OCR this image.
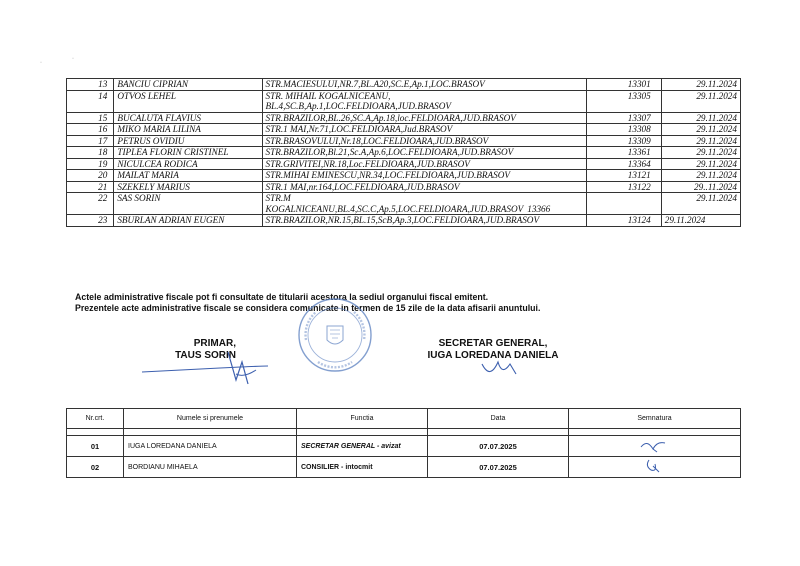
·
·
13	BANCIU CIPRIAN	STR.MACIESULUI,NR.7,BL.A20,SC.E,Ap.1,LOC.BRASOV	13301	29.11.2024
14	OTVOS LEHEL	STR. MIHAIL KOGALNICEANU,
BL.4,SC.B,Ap.1,LOC.FELDIOARA,JUD.BRASOV	13305	29.11.2024
15	BUCALUTA FLAVIUS	STR.BRAZILOR,BL.26,SC.A,Ap.18,loc.FELDIOARA,JUD.BRASOV	13307	29.11.2024
16	MIKO MARIA LILINA	STR.1 MAI,Nr.71,LOC.FELDIOARA,Jud.BRASOV	13308	29.11.2024
17	PETRUS OVIDIU	STR.BRASOVULUI,Nr.18,LOC.FELDIOARA,JUD.BRASOV	13309	29.11.2024
18	TIPLEA FLORIN CRISTINEL	STR.BRAZILOR,Bl.21,Sc.A,Ap.6,LOC.FELDIOARA,JUD.BRASOV	13361	29.11.2024
19	NICULCEA RODICA	STR.GRIVITEI,NR.18,Loc.FELDIOARA,JUD.BRASOV	13364	29.11.2024
20	MAILAT MARIA	STR.MIHAI EMINESCU,NR.34,LOC.FELDIOARA,JUD.BRASOV	13121	29.11.2024
21	SZEKELY MARIUS	STR.1 MAI,nr.164,LOC.FELDIOARA,JUD.BRASOV	13122	29..11.2024
22	SAS SORIN	STR.M
KOGALNICEANU,BL.4,SC.C,Ap.5,LOC.FELDIOARA,JUD.BRASOV 13366		29.11.2024
23	SBURLAN ADRIAN EUGEN	STR.BRAZILOR,NR.15,BL.15,ScB,Ap.3,LOC.FELDIOARA,JUD.BRASOV	13124	29.11.2024
Actele administrative fiscale pot fi consultate de titularii acestora la sediul organului fiscal emitent.
Prezentele acte administrative fiscale se considera comunicate in termen de 15 zile de la data afisarii anuntului.
PRIMAR,
TAUS SORIN
SECRETAR GENERAL,
IUGA LOREDANA DANIELA
Nr.crt.	Numele si prenumele	Functia	Data	Semnatura

01	IUGA LOREDANA DANIELA	SECRETAR GENERAL - avizat	07.07.2025	
02	BORDIANU MIHAELA	CONSILIER - intocmit	07.07.2025	
